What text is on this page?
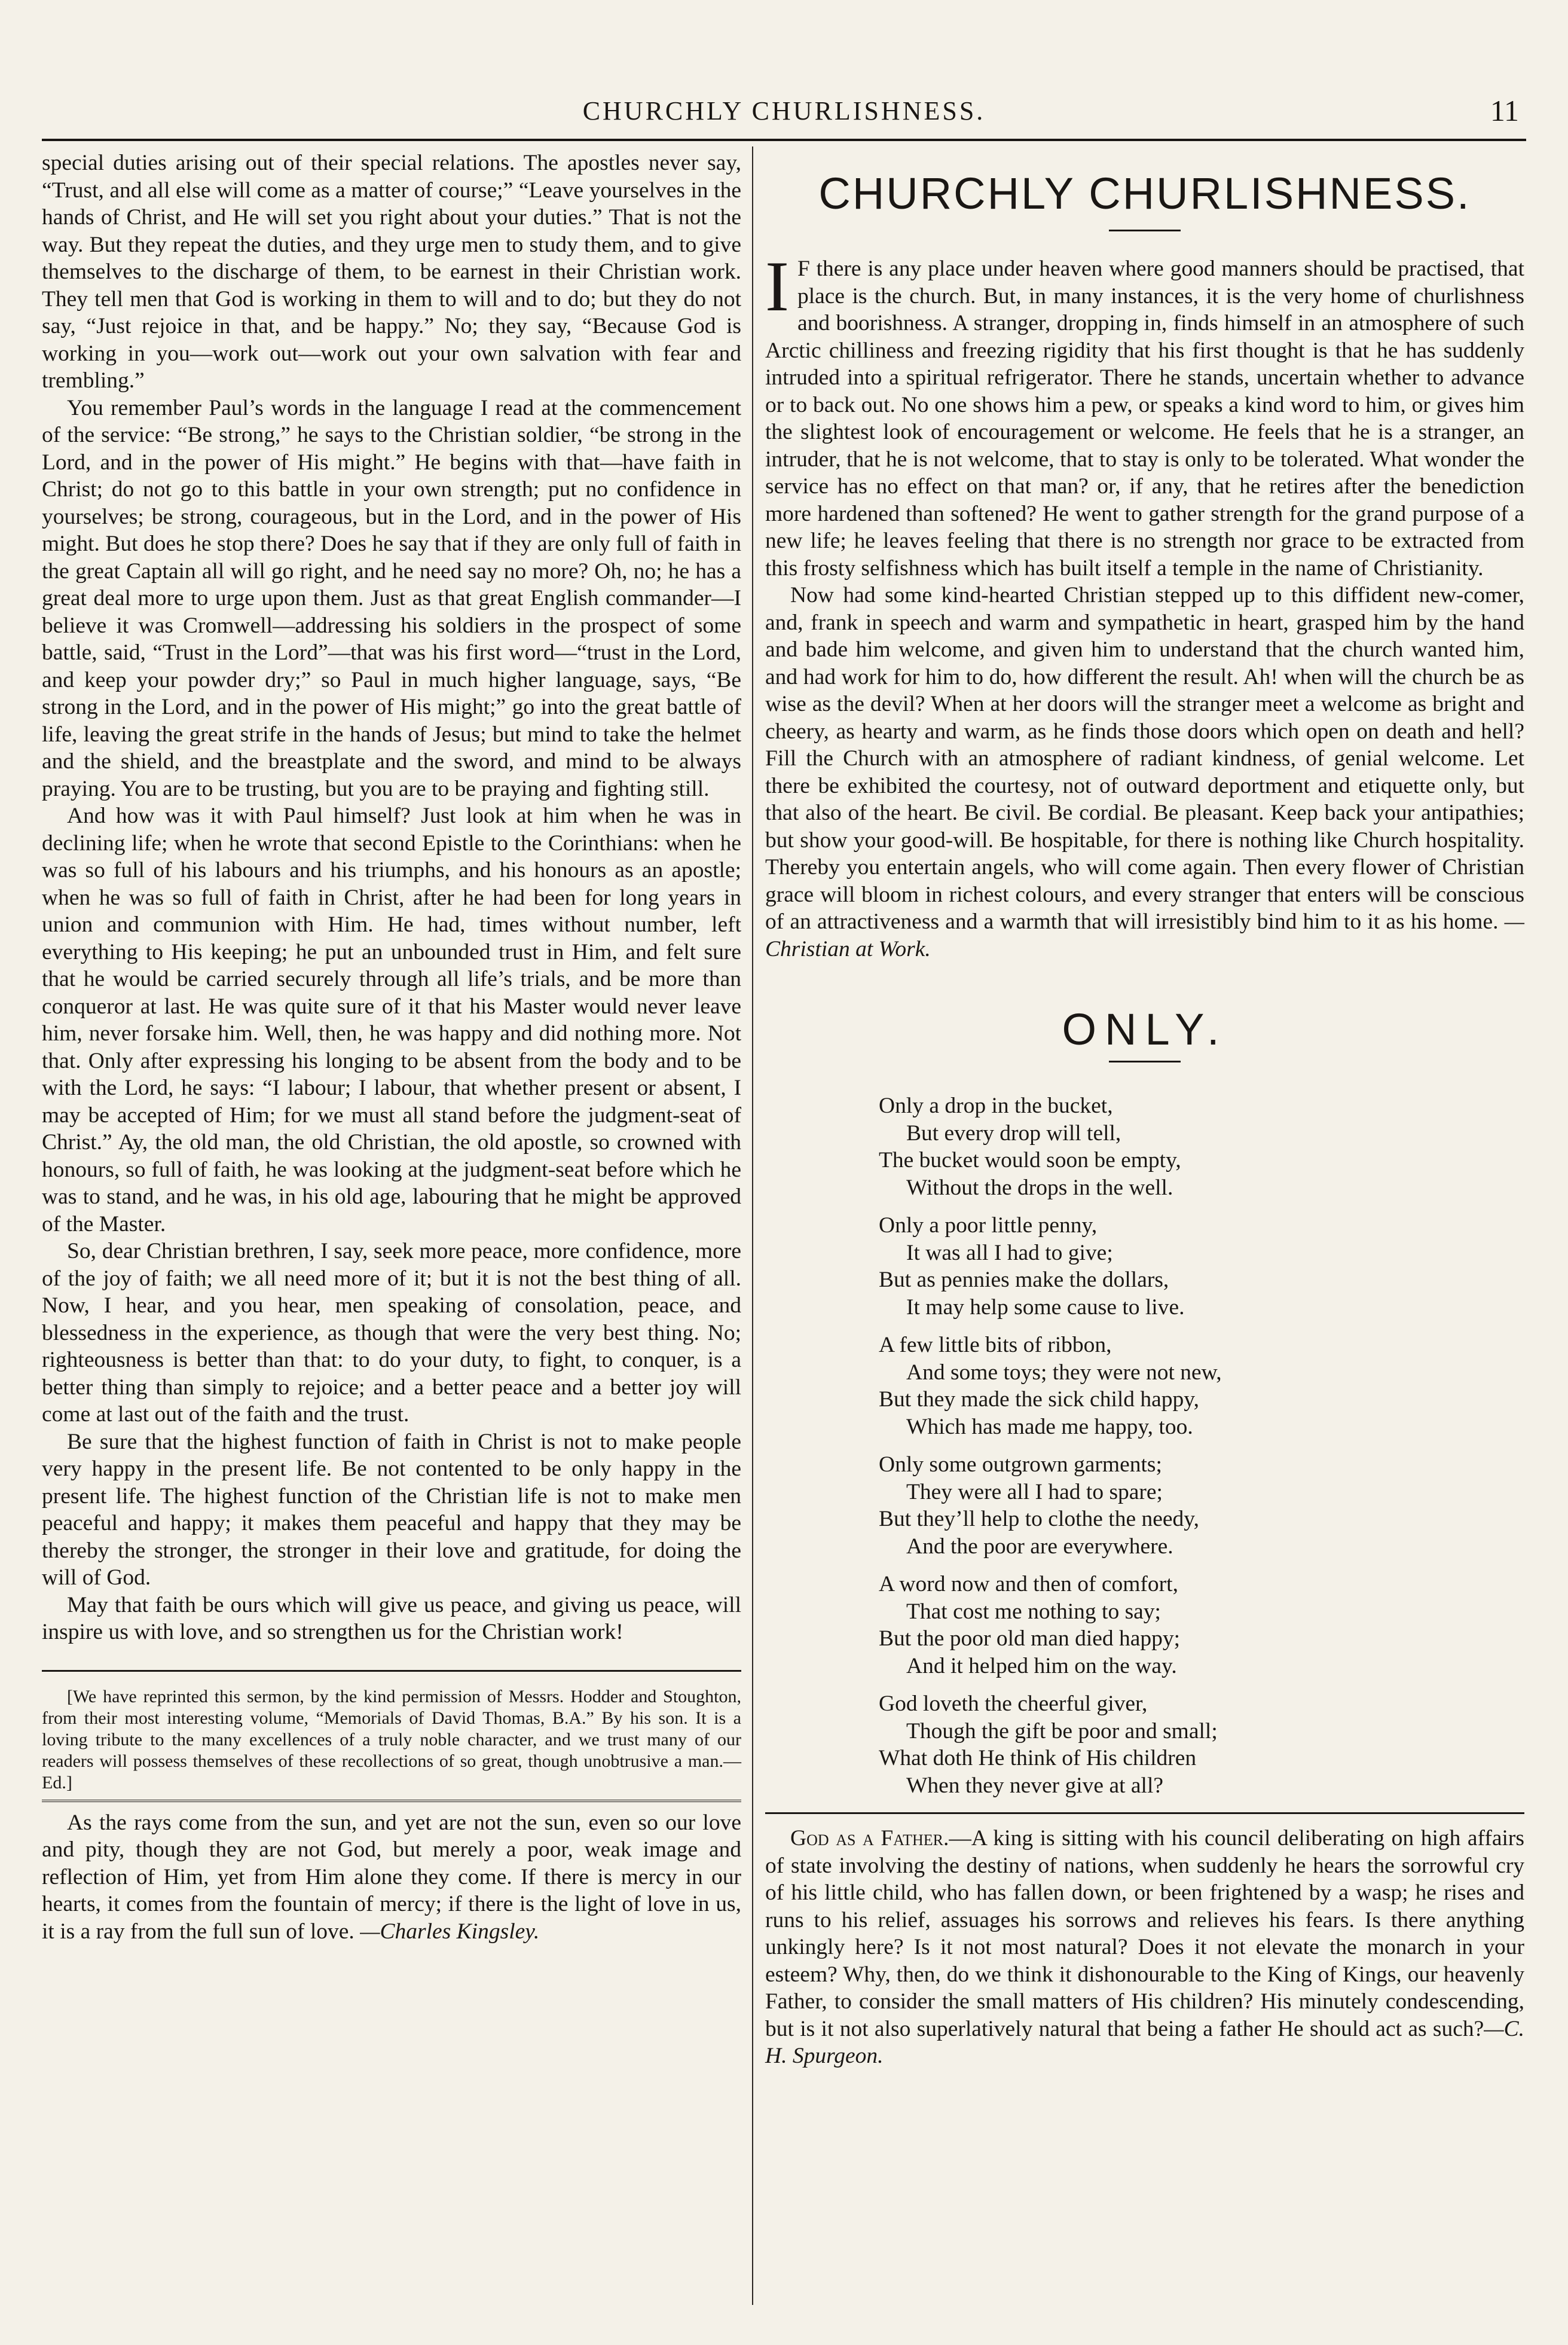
CHURCHLY CHURLISHNESS.	11

special duties arising out of their special relations. The apostles never say, “Trust, and all else will come as a matter of course;” “Leave yourselves in the hands of Christ, and He will set you right about your duties.” That is not the way. But they repeat the duties, and they urge men to study them, and to give themselves to the discharge of them, to be earnest in their Christian work. They tell men that God is working in them to will and to do; but they do not say, “Just rejoice in that, and be happy.” No; they say, “Because God is working in you—work out—work out your own salvation with fear and trembling.”

You remember Paul’s words in the language I read at the commencement of the service: “Be strong,” he says to the Christian soldier, “be strong in the Lord, and in the power of His might.” He begins with that—have faith in Christ; do not go to this battle in your own strength; put no confidence in yourselves; be strong, courageous, but in the Lord, and in the power of His might. But does he stop there? Does he say that if they are only full of faith in the great Captain all will go right, and he need say no more? Oh, no; he has a great deal more to urge upon them. Just as that great English commander—I believe it was Cromwell—addressing his soldiers in the prospect of some battle, said, “Trust in the Lord”—that was his first word—“trust in the Lord, and keep your powder dry;” so Paul in much higher language, says, “Be strong in the Lord, and in the power of His might;” go into the great battle of life, leaving the great strife in the hands of Jesus; but mind to take the helmet and the shield, and the breastplate and the sword, and mind to be always praying. You are to be trusting, but you are to be praying and fighting still.

And how was it with Paul himself? Just look at him when he was in declining life; when he wrote that second Epistle to the Corinthians: when he was so full of his labours and his triumphs, and his honours as an apostle; when he was so full of faith in Christ, after he had been for long years in union and communion with Him. He had, times without number, left everything to His keeping; he put an unbounded trust in Him, and felt sure that he would be carried securely through all life’s trials, and be more than conqueror at last. He was quite sure of it that his Master would never leave him, never forsake him. Well, then, he was happy and did nothing more. Not that. Only after expressing his longing to be absent from the body and to be with the Lord, he says: “I labour; I labour, that whether present or absent, I may be accepted of Him; for we must all stand before the judgment-seat of Christ.” Ay, the old man, the old Christian, the old apostle, so crowned with honours, so full of faith, he was looking at the judgment-seat before which he was to stand, and he was, in his old age, labouring that he might be approved of the Master.

So, dear Christian brethren, I say, seek more peace, more confidence, more of the joy of faith; we all need more of it; but it is not the best thing of all. Now, I hear, and you hear, men speaking of consolation, peace, and blessedness in the experience, as though that were the very best thing. No; righteousness is better than that: to do your duty, to fight, to conquer, is a better thing than simply to rejoice; and a better peace and a better joy will come at last out of the faith and the trust.

Be sure that the highest function of faith in Christ is not to make people very happy in the present life. Be not contented to be only happy in the present life. The highest function of the Christian life is not to make men peaceful and happy; it makes them peaceful and happy that they may be thereby the stronger, the stronger in their love and gratitude, for doing the will of God.

May that faith be ours which will give us peace, and giving us peace, will inspire us with love, and so strengthen us for the Christian work!

[We have reprinted this sermon, by the kind permission of Messrs. Hodder and Stoughton, from their most interesting volume, “Memorials of David Thomas, B.A.” By his son. It is a loving tribute to the many excellences of a truly noble character, and we trust many of our readers will possess themselves of these recollections of so great, though unobtrusive a man.—Ed.]

As the rays come from the sun, and yet are not the sun, even so our love and pity, though they are not God, but merely a poor, weak image and reflection of Him, yet from Him alone they come. If there is mercy in our hearts, it comes from the fountain of mercy; if there is the light of love in us, it is a ray from the full sun of love. —Charles Kingsley.

CHURCHLY CHURLISHNESS.

I F there is any place under heaven where good manners should be practised, that place is the church. But, in many instances, it is the very home of churlishness and boorishness. A stranger, dropping in, finds himself in an atmosphere of such Arctic chilliness and freezing rigidity that his first thought is that he has suddenly intruded into a spiritual refrigerator. There he stands, uncertain whether to advance or to back out. No one shows him a pew, or speaks a kind word to him, or gives him the slightest look of encouragement or welcome. He feels that he is a stranger, an intruder, that he is not welcome, that to stay is only to be tolerated. What wonder the service has no effect on that man? or, if any, that he retires after the benediction more hardened than softened? He went to gather strength for the grand purpose of a new life; he leaves feeling that there is no strength nor grace to be extracted from this frosty selfishness which has built itself a temple in the name of Christianity.

Now had some kind-hearted Christian stepped up to this diffident new-comer, and, frank in speech and warm and sympathetic in heart, grasped him by the hand and bade him welcome, and given him to understand that the church wanted him, and had work for him to do, how different the result. Ah! when will the church be as wise as the devil? When at her doors will the stranger meet a welcome as bright and cheery, as hearty and warm, as he finds those doors which open on death and hell? Fill the Church with an atmosphere of radiant kindness, of genial welcome. Let there be exhibited the courtesy, not of outward deportment and etiquette only, but that also of the heart. Be civil. Be cordial. Be pleasant. Keep back your antipathies; but show your good-will. Be hospitable, for there is nothing like Church hospitality. Thereby you entertain angels, who will come again. Then every flower of Christian grace will bloom in richest colours, and every stranger that enters will be conscious of an attractiveness and a warmth that will irresistibly bind him to it as his home. —Christian at Work.

ONLY.
Only a drop in the bucket,
But every drop will tell,
The bucket would soon be empty,
Without the drops in the well.
Only a poor little penny,
It was all I had to give;
But as pennies make the dollars,
It may help some cause to live.
A few little bits of ribbon,
And some toys; they were not new,
But they made the sick child happy,
Which has made me happy, too.
Only some outgrown garments;
They were all I had to spare;
But they’ll help to clothe the needy,
And the poor are everywhere.
A word now and then of comfort,
That cost me nothing to say;
But the poor old man died happy;
And it helped him on the way.
God loveth the cheerful giver,
Though the gift be poor and small;
What doth He think of His children
When they never give at all?

God as a Father.—A king is sitting with his council deliberating on high affairs of state involving the destiny of nations, when suddenly he hears the sorrowful cry of his little child, who has fallen down, or been frightened by a wasp; he rises and runs to his relief, assuages his sorrows and relieves his fears. Is there anything unkingly here? Is it not most natural? Does it not elevate the monarch in your esteem? Why, then, do we think it dishonourable to the King of Kings, our heavenly Father, to consider the small matters of His children? His minutely condescending, but is it not also superlatively natural that being a father He should act as such?—C. H. Spurgeon.
